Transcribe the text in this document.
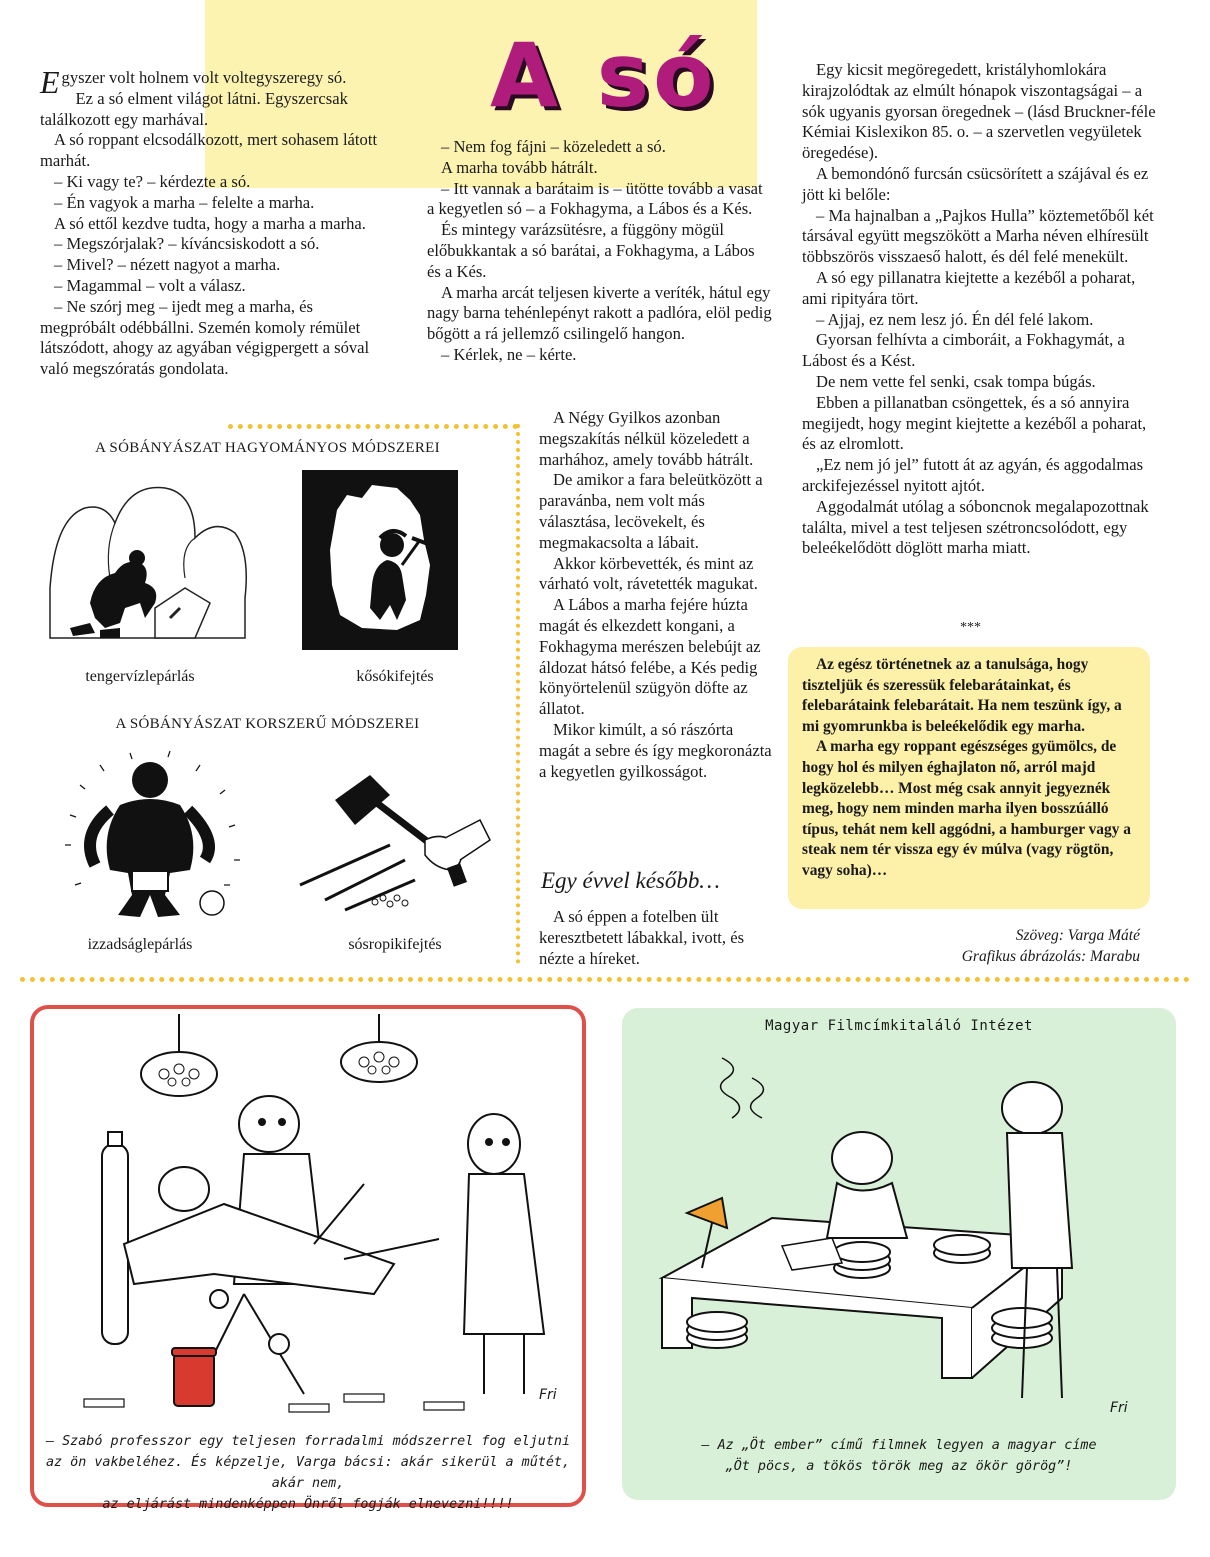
A só

Egyszer volt holnem volt voltegyszeregy só.

Ez a só elment világot látni. Egyszercsak találkozott egy marhával.

A só roppant elcsodálkozott, mert sohasem látott marhát.

– Ki vagy te? – kérdezte a só.

– Én vagyok a marha – felelte a marha.

A só ettől kezdve tudta, hogy a marha a marha.

– Megszórjalak? – kíváncsiskodott a só.

– Mivel? – nézett nagyot a marha.

– Magammal – volt a válasz.

– Ne szórj meg – ijedt meg a marha, és megpróbált odébbállni. Szemén komoly rémület látszódott, ahogy az agyában végigpergett a sóval való megszóratás gondolata.

– Nem fog fájni – közeledett a só.

A marha tovább hátrált.

– Itt vannak a barátaim is – ütötte tovább a vasat a kegyetlen só – a Fokhagyma, a Lábos és a Kés.

És mintegy varázsütésre, a függöny mögül előbukkantak a só barátai, a Fokhagyma, a Lábos és a Kés.

A marha arcát teljesen kiverte a veríték, hátul egy nagy barna tehénlepényt rakott a padlóra, elöl pedig bőgött a rá jellemző csilingelő hangon.

– Kérlek, ne – kérte.

A Négy Gyilkos azonban megszakítás nélkül közeledett a marhához, amely tovább hátrált.

De amikor a fara beleütközött a paravánba, nem volt más választása, lecövekelt, és megmakacsolta a lábait.

Akkor körbevették, és mint az várható volt, rávetették magukat.

A Lábos a marha fejére húzta magát és elkezdett kongani, a Fokhagyma merészen belebújt az áldozat hátsó felébe, a Kés pedig könyörtelenül szügyön döfte az állatot.

Mikor kimúlt, a só rászórta magát a sebre és így megkoronázta a kegyetlen gyilkosságot.

Egy évvel később…

A só éppen a fotelben ült keresztbetett lábakkal, ivott, és nézte a híreket.

Egy kicsit megöregedett, kristályhomlokára kirajzolódtak az elmúlt hónapok viszontagságai – a sók ugyanis gyorsan öregednek – (lásd Bruckner-féle Kémiai Kislexikon 85. o. – a szervetlen vegyületek öregedése).

A bemondónő furcsán csücsörített a szájával és ez jött ki belőle:

– Ma hajnalban a „Pajkos Hulla” köztemetőből két társával együtt megszökött a Marha néven elhíresült többszörös visszaeső halott, és dél felé menekült.

A só egy pillanatra kiejtette a kezéből a poharat, ami ripityára tört.

– Ajjaj, ez nem lesz jó. Én dél felé lakom.

Gyorsan felhívta a cimboráit, a Fokhagymát, a Lábost és a Kést.

De nem vette fel senki, csak tompa búgás.

Ebben a pillanatban csöngettek, és a só annyira megijedt, hogy megint kiejtette a kezéből a poharat, és az elromlott.

„Ez nem jó jel” futott át az agyán, és aggodalmas arckifejezéssel nyitott ajtót.

Aggodalmát utólag a sóboncnok megalapozottnak találta, mivel a test teljesen szétroncsolódott, egy beleékelődött döglött marha miatt.

***

Az egész történetnek az a tanulsága, hogy tiszteljük és szeressük felebarátainkat, és felebarátaink felebarátait. Ha nem teszünk így, a mi gyomrunkba is beleékelődik egy marha.

A marha egy roppant egészséges gyümölcs, de hogy hol és milyen éghajlaton nő, arról majd legközelebb… Most még csak annyit jegyeznék meg, hogy nem minden marha ilyen bosszúálló típus, tehát nem kell aggódni, a hamburger vagy a steak nem tér vissza egy év múlva (vagy rögtön, vagy soha)…

Szöveg: Varga Máté
Grafikus ábrázolás: Marabu
A SÓBÁNYÁSZAT HAGYOMÁNYOS MÓDSZEREI
A SÓBÁNYÁSZAT KORSZERŰ MÓDSZEREI
tengervízlepárlás	kősókifejtés
izzadságlepárlás	sósropikifejtés
Fri
– Szabó professzor egy teljesen forradalmi módszerrel fog eljutni
az ön vakbeléhez. És képzelje, Varga bácsi: akár sikerül a műtét, akár nem,
az eljárást mindenképpen Önről fogják elnevezni!!!!
Magyar Filmcímkitaláló Intézet
Fri
– Az „Öt ember” című filmnek legyen a magyar címe
„Öt pöcs, a tökös török meg az ökör görög”!
